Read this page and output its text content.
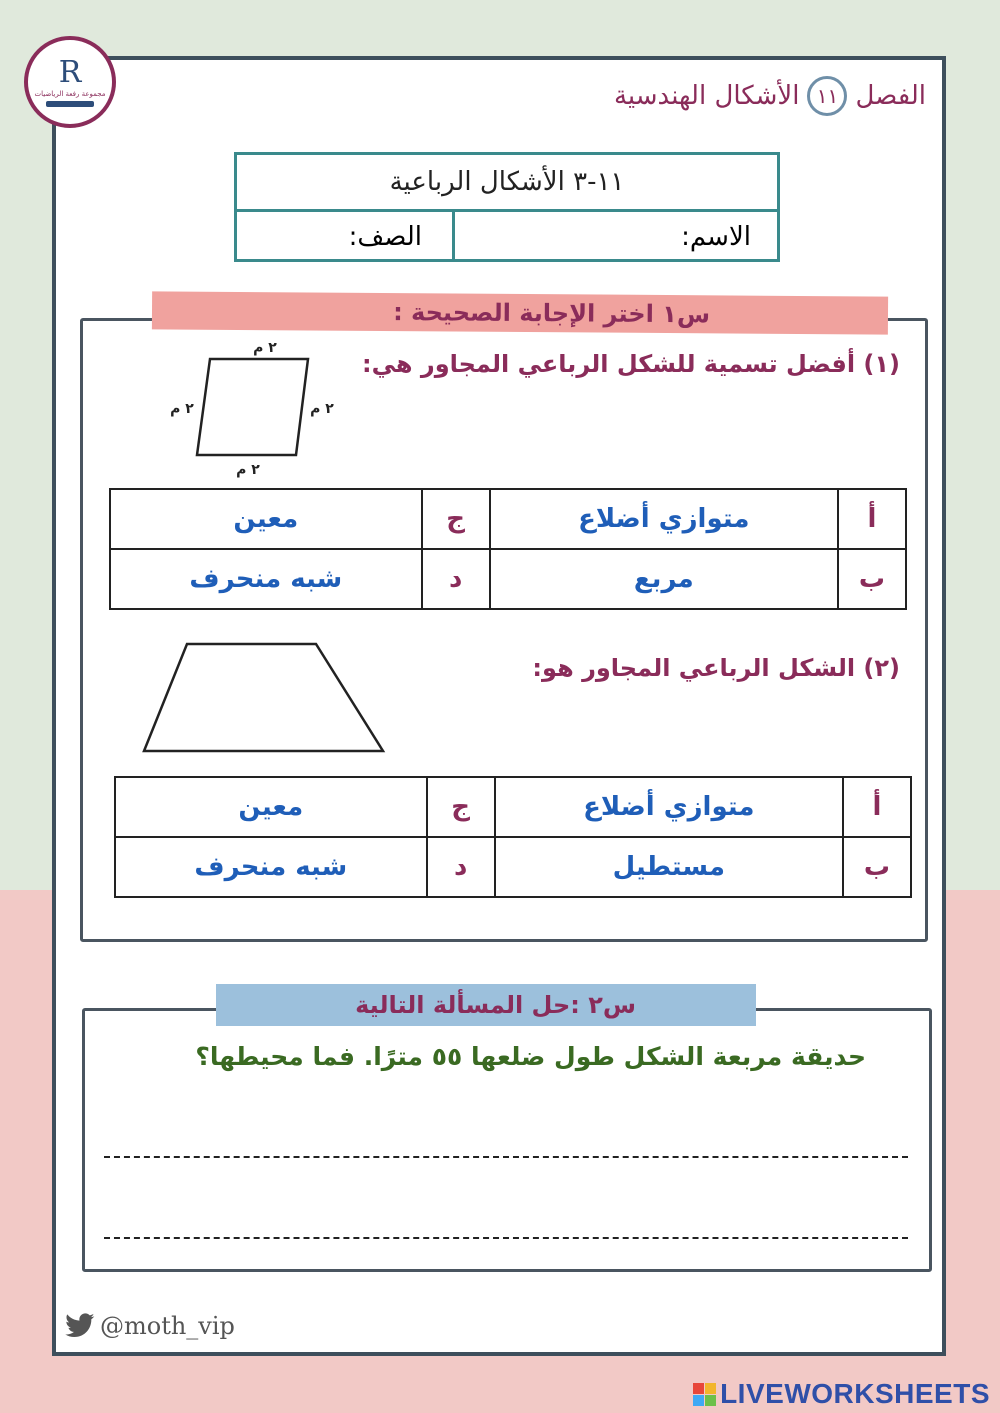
R
مجموعة رفعة الرياضيات	الفصل
١١
الأشكال الهندسية
١١-٣ الأشكال الرباعية
الاسم:
الصف:
س١ اختر الإجابة الصحيحة :
(١) أفضل تسمية للشكل الرباعي المجاور هي:
٢ م
٢ م	٢ م
٢ م
أ	متوازي أضلاع	ج	معين
ب	مربع	د	شبه منحرف
(٢) الشكل الرباعي المجاور هو:
أ	متوازي أضلاع	ج	معين
ب	مستطيل	د	شبه منحرف
س٢ :حل المسألة التالية
حديقة مربعة الشكل طول ضلعها ٥٥ مترًا. فما محيطها؟
@moth_vip
LIVEWORKSHEETS
